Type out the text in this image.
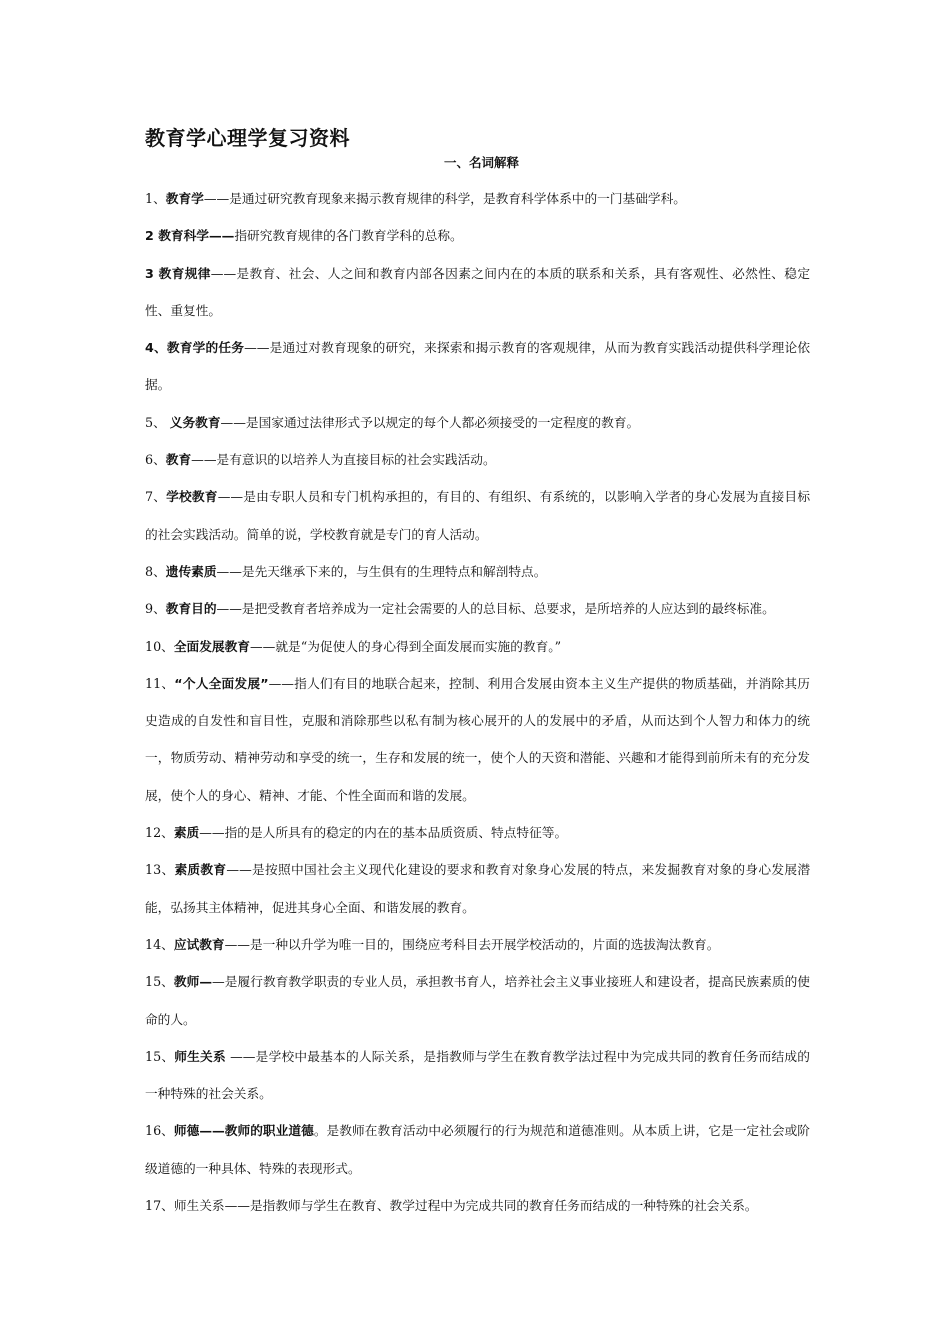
教育学心理学复习资料
一、名词解释

1、教育学——是通过研究教育现象来揭示教育规律的科学，是教育科学体系中的一门基础学科。

2 教育科学——指研究教育规律的各门教育学科的总称。

3 教育规律——是教育、社会、人之间和教育内部各因素之间内在的本质的联系和关系，具有客观性、必然性、稳定性、重复性。

4、教育学的任务——是通过对教育现象的研究，来探索和揭示教育的客观规律，从而为教育实践活动提供科学理论依据。

5、 义务教育——是国家通过法律形式予以规定的每个人都必须接受的一定程度的教育。

6、教育——是有意识的以培养人为直接目标的社会实践活动。

7、学校教育——是由专职人员和专门机构承担的，有目的、有组织、有系统的，以影响入学者的身心发展为直接目标的社会实践活动。简单的说，学校教育就是专门的育人活动。

8、遗传素质——是先天继承下来的，与生俱有的生理特点和解剖特点。

9、教育目的——是把受教育者培养成为一定社会需要的人的总目标、总要求，是所培养的人应达到的最终标准。

10、全面发展教育——就是“为促使人的身心得到全面发展而实施的教育。”

11、“个人全面发展”——指人们有目的地联合起来，控制、利用合发展由资本主义生产提供的物质基础，并消除其历史造成的自发性和盲目性，克服和消除那些以私有制为核心展开的人的发展中的矛盾，从而达到个人智力和体力的统一，物质劳动、精神劳动和享受的统一，生存和发展的统一，使个人的天资和潜能、兴趣和才能得到前所未有的充分发展，使个人的身心、精神、才能、个性全面而和谐的发展。

12、素质——指的是人所具有的稳定的内在的基本品质资质、特点特征等。

13、素质教育——是按照中国社会主义现代化建设的要求和教育对象身心发展的特点，来发掘教育对象的身心发展潜能，弘扬其主体精神，促进其身心全面、和谐发展的教育。

14、应试教育——是一种以升学为唯一目的，围绕应考科目去开展学校活动的，片面的选拔淘汰教育。

15、教师——是履行教育教学职责的专业人员，承担教书育人，培养社会主义事业接班人和建设者，提高民族素质的使命的人。

15、师生关系 ——是学校中最基本的人际关系，是指教师与学生在教育教学法过程中为完成共同的教育任务而结成的一种特殊的社会关系。

16、师德——教师的职业道德。是教师在教育活动中必须履行的行为规范和道德准则。从本质上讲，它是一定社会或阶级道德的一种具体、特殊的表现形式。

17、师生关系——是指教师与学生在教育、教学过程中为完成共同的教育任务而结成的一种特殊的社会关系。
